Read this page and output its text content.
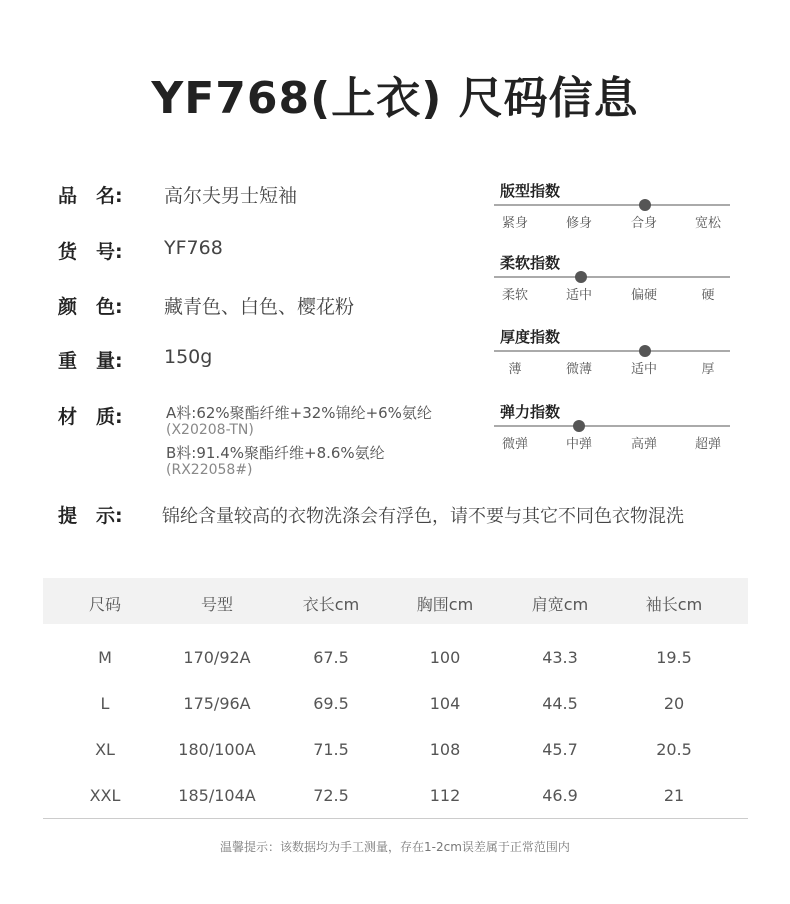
YF768(上衣) 尺码信息
品　名: 高尔夫男士短袖
货　号: YF768
颜　色: 藏青色、白色、樱花粉
重　量: 150g
材　质:	A料:62%聚酯纤维+32%锦纶+6%氨纶
(X20208-TN)
B料:91.4%聚酯纤维+8.6%氨纶
(RX22058#)
提　示: 锦纶含量较高的衣物洗涤会有浮色，请不要与其它不同色衣物混洗
版型指数
紧身	修身	合身	宽松
柔软指数
柔软	适中	偏硬	硬
厚度指数
薄	微薄	适中	厚
弹力指数
微弹	中弹	高弹	超弹
尺码	号型	衣长cm	胸围cm	肩宽cm	袖长cm
M	170/92A	67.5	100	43.3	19.5
L	175/96A	69.5	104	44.5	20
XL	180/100A	71.5	108	45.7	20.5
XXL	185/104A	72.5	112	46.9	21
温馨提示：该数据均为手工测量，存在1-2cm误差属于正常范围内
